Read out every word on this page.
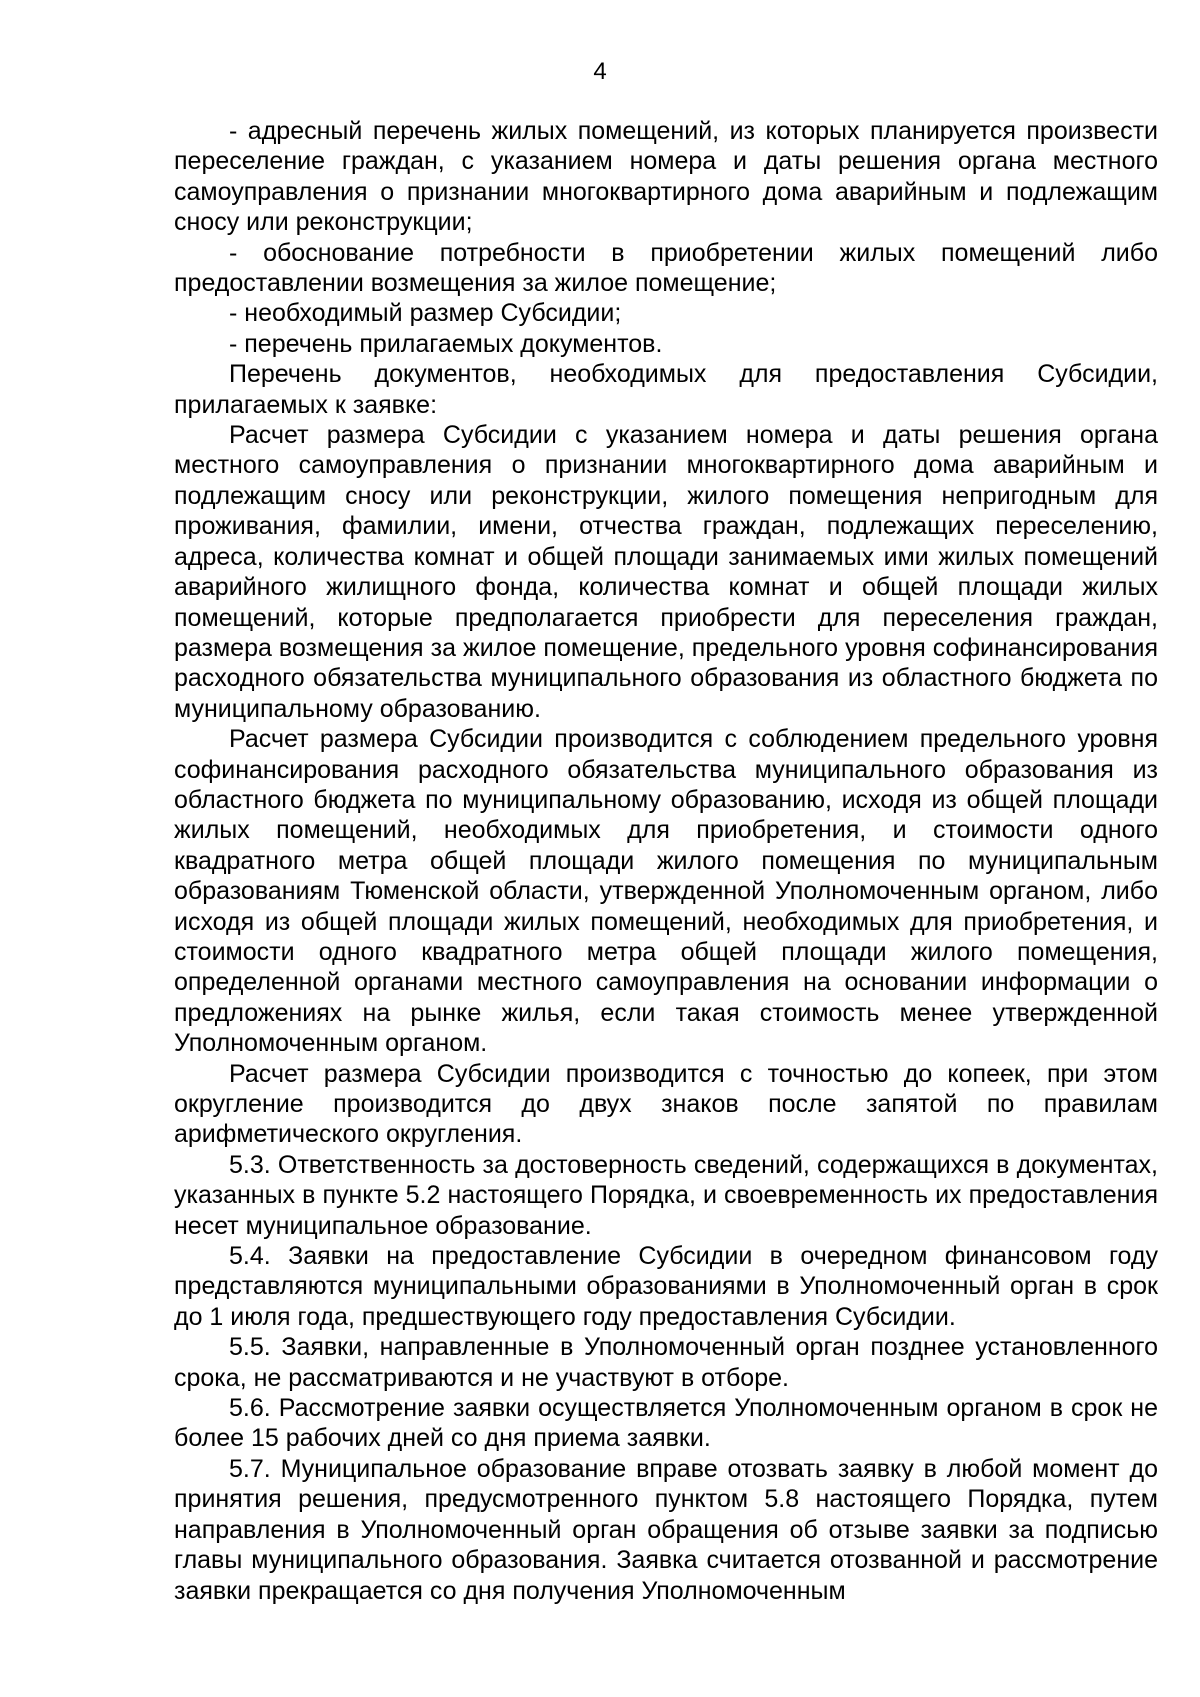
4

- адресный перечень жилых помещений, из которых планируется произвести переселение граждан, с указанием номера и даты решения органа местного самоуправления о признании многоквартирного дома аварийным и подлежащим сносу или реконструкции;

- обоснование потребности в приобретении жилых помещений либо предоставлении возмещения за жилое помещение;

- необходимый размер Субсидии;

- перечень прилагаемых документов.

Перечень документов, необходимых для предоставления Субсидии, прилагаемых к заявке:

Расчет размера Субсидии с указанием номера и даты решения органа местного самоуправления о признании многоквартирного дома аварийным и подлежащим сносу или реконструкции, жилого помещения непригодным для проживания, фамилии, имени, отчества граждан, подлежащих переселению, адреса, количества комнат и общей площади занимаемых ими жилых помещений аварийного жилищного фонда, количества комнат и общей площади жилых помещений, которые предполагается приобрести для переселения граждан, размера возмещения за жилое помещение, предельного уровня софинансирования расходного обязательства муниципального образования из областного бюджета по муниципальному образованию.

Расчет размера Субсидии производится с соблюдением предельного уровня софинансирования расходного обязательства муниципального образования из областного бюджета по муниципальному образованию, исходя из общей площади жилых помещений, необходимых для приобретения, и стоимости одного квадратного метра общей площади жилого помещения по муниципальным образованиям Тюменской области, утвержденной Уполномоченным органом, либо исходя из общей площади жилых помещений, необходимых для приобретения, и стоимости одного квадратного метра общей площади жилого помещения, определенной органами местного самоуправления на основании информации о предложениях на рынке жилья, если такая стоимость менее утвержденной Уполномоченным органом.

Расчет размера Субсидии производится с точностью до копеек, при этом округление производится до двух знаков после запятой по правилам арифметического округления.

5.3. Ответственность за достоверность сведений, содержащихся в документах, указанных в пункте 5.2 настоящего Порядка, и своевременность их предоставления несет муниципальное образование.

5.4. Заявки на предоставление Субсидии в очередном финансовом году представляются муниципальными образованиями в Уполномоченный орган в срок до 1 июля года, предшествующего году предоставления Субсидии.

5.5. Заявки, направленные в Уполномоченный орган позднее установленного срока, не рассматриваются и не участвуют в отборе.

5.6. Рассмотрение заявки осуществляется Уполномоченным органом в срок не более 15 рабочих дней со дня приема заявки.

5.7. Муниципальное образование вправе отозвать заявку в любой момент до принятия решения, предусмотренного пунктом 5.8 настоящего Порядка, путем направления в Уполномоченный орган обращения об отзыве заявки за подписью главы муниципального образования. Заявка считается отозванной и рассмотрение заявки прекращается со дня получения Уполномоченным
